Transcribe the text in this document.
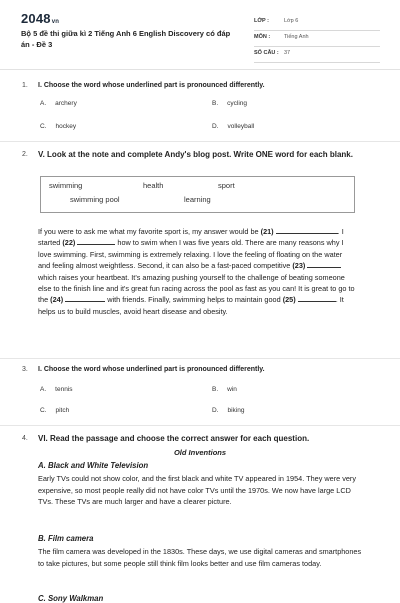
2048vn
Bộ 5 đề thi giữa kì 2 Tiếng Anh 6 English Discovery có đáp án - Đề 3
LỚP :	Lớp 6
MÔN :	Tiếng Anh
SỐ CÂU : 37
1. I. Choose the word whose underlined part is pronounced differently.
A. archery	B. cycling
C. hockey	D. volleyball
2. V. Look at the note and complete Andy's blog post. Write ONE word for each blank.
swimming	health	sport
swimming pool	learning
If you were to ask me what my favorite sport is, my answer would be (21)	. I started (22)	how to swim when I was five years old. There are many reasons why I love swimming. First, swimming is extremely relaxing. I love the feeling of floating on the water and feeling almost weightless. Second, it can also be a fast-paced competitive (23)  which raises your heartbeat. It's amazing pushing yourself to the challenge of beating someone else to the finish line and it's great fun racing across the pool as fast as you can! It is great to go to the (24)	with friends. Finally, swimming helps to maintain good (25)	. It helps us to build muscles, avoid heart disease and obesity.
3. I. Choose the word whose underlined part is pronounced differently.
A. tennis	B. win
C. pitch	D. biking
4. VI. Read the passage and choose the correct answer for each question.
Old Inventions
A. Black and White Television
Early TVs could not show color, and the first black and white TV appeared in 1954. They were very expensive, so most people really did not have color TVs until the 1970s. We now have large LCD TVs. These TVs are much larger and have a clearer picture.
B. Film camera
The film camera was developed in the 1830s. These days, we use digital cameras and smartphones to take pictures, but some people still think film looks better and use film cameras today.
C. Sony Walkman
